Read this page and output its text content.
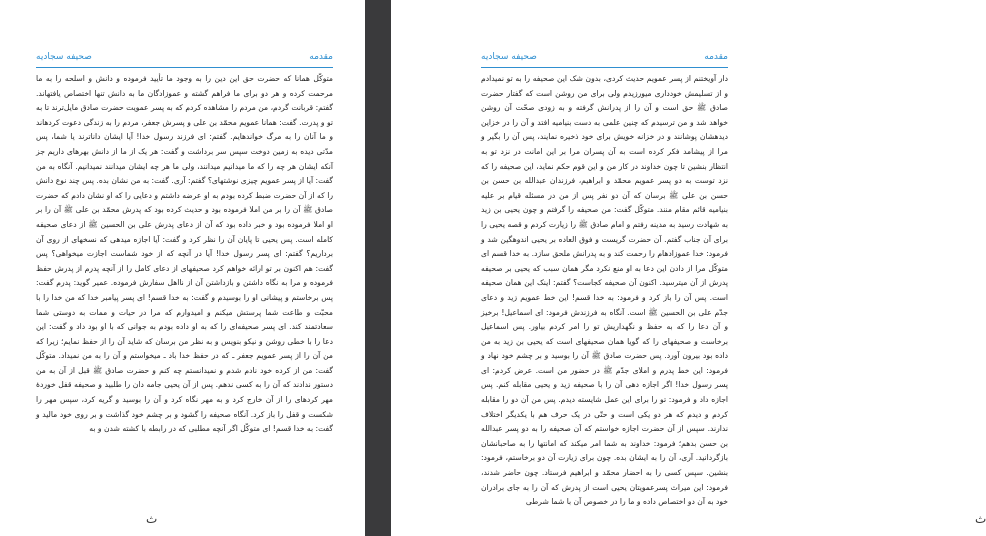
صحیفه سجادیه	مقدمه
متوکّل همانا که حضرت حق این دین را به وجود ما تأیید فرموده و دانش و اسلحه را به ما مرحمت کرده و هر دو برای ما فراهم گشته و عموزادگان ما به دانش تنها اختصاص یافتهاند. گفتم: قربانت گردم، من مردم را مشاهده کردم که به پسر عمویت حضرت صادق مایل‌ترند تا به تو و پدرت. گفت: همانا عمویم محمّد بن علی و پسرش جعفر، مردم را به زندگی دعوت کردهاند و ما آنان را به مرگ خواندهایم. گفتم: ای فرزند رسول خدا! آیا ایشان داناترند یا شما، پس مدّتی دیده به زمین دوخت سپس سر برداشت و گفت: هر یک از ما از دانش بهرهای داریم جز آنکه ایشان هر چه را که ما میدانیم میدانند، ولی ما هر چه ایشان میدانند نمیدانیم. آنگاه به من گفت: آیا از پسر عمویم چیزی نوشتهای؟ گفتم: آری. گفت: به من نشان بده. پس چند نوع دانش را که از آن حضرت ضبط کرده بودم به او عرضه داشتم و دعایی را که او نشان دادم که حضرت صادق ﷺ آن را بر من املا فرموده بود و حدیث کرده بود که پدرش محمّد بن علی ﷺ آن را بر او املا فرموده بود و خبر داده بود که آن از دعای پدرش علی بن الحسین ﷺ از دعای صحیفه کامله است. پس یحیی تا پایان آن را نظر کرد و گفت: آیا اجازه میدهی که نسخهای از روی آن برداریم؟ گفتم: ای پسر رسول خدا! آیا در آنچه که از خود شماست اجازت میخواهی؟ پس گفت: هم اکنون بر تو ارائه خواهم کرد صحیفهای از دعای کامل را از آنچه پدرم از پدرش حفظ فرموده و مرا به نگاه داشتن و بازداشتن آن از نااهل سفارش فرموده. عمیر گوید: پدرم گفت: پس برخاستم و پیشانی او را بوسیدم و گفت: به خدا قسم! ای پسر پیامبر خدا که من خدا را با محبّت و طاعت شما پرستش میکنم و امیدوارم که مرا در حیات و ممات به دوستی شما سعادتمند کند. ای پسر صحیفه‌ای را که به او داده بودم به جوانی که با او بود داد و گفت: این دعا را با خطی روشن و نیکو بنویس و به نظر من برسان که شاید آن را از حفظ نمایم؛ زیرا که من آن را از پسر عمویم جعفر ـ که در حفظ خدا باد ـ میخواستم و آن را به من نمیداد. متوکّل گفت: من از کرده خود نادم شدم و نمیدانستم چه کنم و حضرت صادق ﷺ قبل از آن به من دستور ندادند که آن را به کسی ندهم. پس از آن یحیی جامه دان را طلبید و صحیفه قفل خوردهٔ مهر کردهای را از آن خارج کرد و به مهر نگاه کرد و آن را بوسید و گریه کرد، سپس مهر را شکست و قفل را باز کرد. آنگاه صحیفه را گشود و بر چشم خود گذاشت و بر روی خود مالید و گفت: به خدا قسم! ای متوکّل اگر آنچه مطلبی که در رابطه با کشته شدن و به
ث
صحیفه سجادیه	مقدمه
دار آویختنم از پسر عمویم حدیث کردی، بدون شک این صحیفه را به تو نمیدادم و از تسلیمش خودداری میورزیدم ولی برای من روشن است که گفتار حضرت صادق ﷺ حق است و آن را از پدرانش گرفته و به زودی صحّت آن روشن خواهد شد و من ترسیدم که چنین علمی به دست بنیامیه افتد و آن را در خزاین دیدهشان پوشانند و در خزانه خویش برای خود ذخیره نمایند، پس آن را بگیر و مرا از پیشامد فکر کرده است به آن پسران مرا بر این امانت در نزد تو به انتظار بنشین تا چون خداوند در کار من و این قوم حکم نماید، این صحیفه را که نزد توست به دو پسر عمویم محمّد و ابراهیم، فرزندان عبدالله بن حسن بن حسن بن علی ﷺ برسان که آن دو نفر پس از من در مسئله قیام بر علیه بنیامیه قائم مقام منند. متوکّل گفت: من صحیفه را گرفتم و چون یحیی بن زید به شهادت رسید به مدینه رفتم و امام صادق ﷺ را زیارت کردم و قصه یحیی را برای آن جناب گفتم. آن حضرت گریست و فوق العاده بر یحیی اندوهگین شد و فرمود: خدا عموزادهام را رحمت کند و به پدرانش ملحق سازد. به خدا قسم ای متوکّل مرا از دادن این دعا به او منع نکرد مگر همان سبب که یحیی بر صحیفه پدرش از آن میترسید. اکنون آن صحیفه کجاست؟ گفتم: اینک این همان صحیفه است. پس آن را باز کرد و فرمود: به خدا قسم! این خط عمویم زید و دعای جدّم علی بن الحسین ﷺ است. آنگاه به فرزندش فرمود: ای اسماعیل! برخیز و آن دعا را که به حفظ و نگهداریش تو را امر کردم بیاور. پس اسماعیل برخاست و صحیفهای را که گویا همان صحیفهای است که یحیی بن زید به من داده بود بیرون آورد. پس حضرت صادق ﷺ آن را بوسید و بر چشم خود نهاد و فرمود: این خط پدرم و املای جدّم ﷺ در حضور من است. عرض کردم: ای پسر رسول خدا! اگر اجازه دهی آن را با صحیفه زید و یحیی مقابله کنم. پس اجازه داد و فرمود: تو را برای این عمل شایسته دیدم. پس من آن دو را مقابله کردم و دیدم که هر دو یکی است و حتّی در یک حرف هم با یکدیگر اختلاف ندارند. سپس از آن حضرت اجازه خواستم که آن صحیفه را به دو پسر عبدالله بن حسن بدهم؛ فرمود: خداوند به شما امر میکند که امانتها را به صاحبانشان بازگردانید. آری، آن را به ایشان بده. چون برای زیارت آن دو برخاستم، فرمود: بنشین. سپس کسی را به احضار محمّد و ابراهیم فرستاد. چون حاضر شدند، فرمود: این میراث پسرعمویتان یحیی است از پدرش که آن را به جای برادران خود به آن دو اختصاص داده و ما را در خصوص آن با شما شرطی
ث
